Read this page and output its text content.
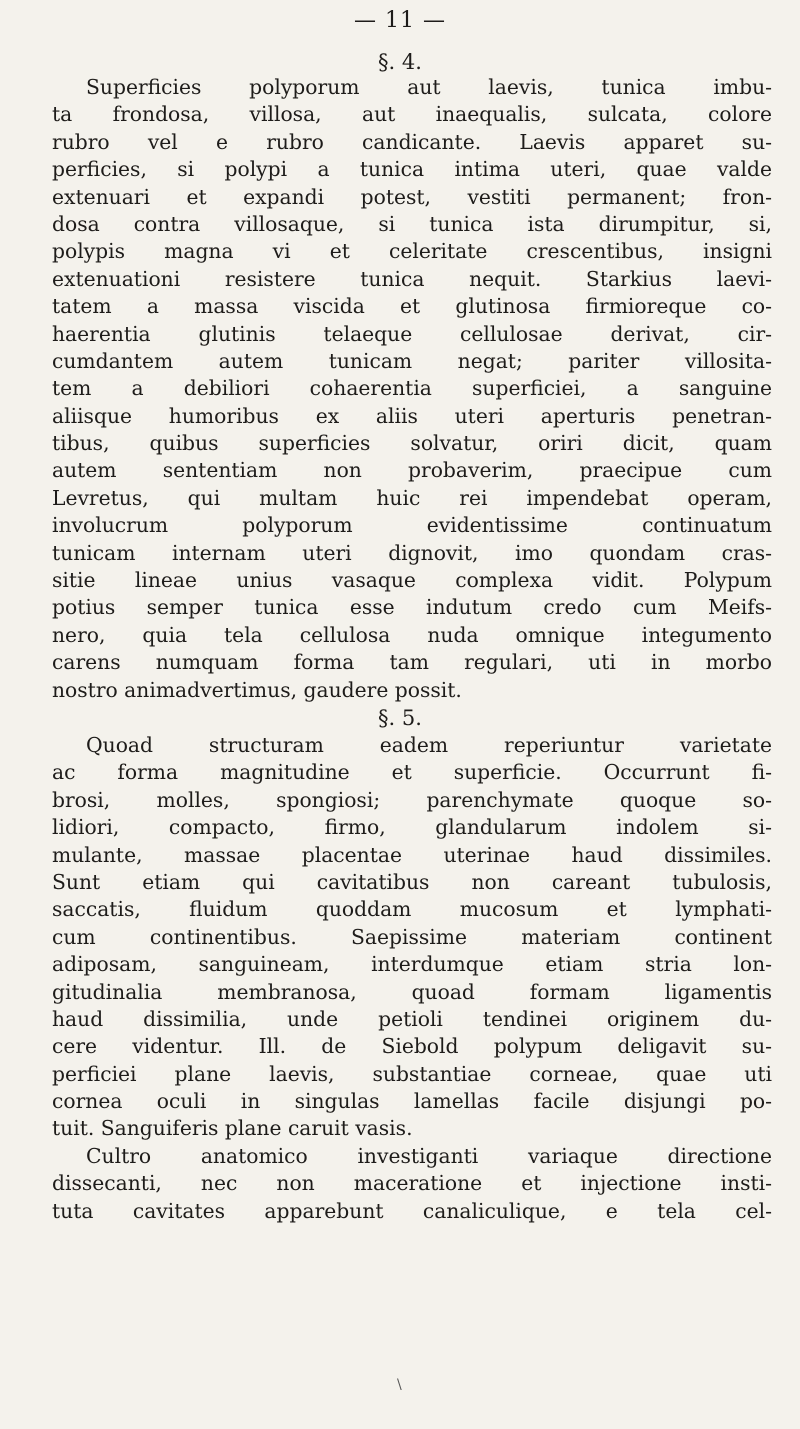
— 11 —
§. 4.
Superficies polyporum aut laevis, tunica imbu-
ta frondosa, villosa, aut inaequalis, sulcata, colore
rubro vel e rubro candicante. Laevis apparet su-
perficies, si polypi a tunica intima uteri, quae valde
extenuari et expandi potest, vestiti permanent; fron-
dosa contra villosaque, si tunica ista dirumpitur, si,
polypis magna vi et celeritate crescentibus, insigni
extenuationi resistere tunica nequit. Starkius laevi-
tatem a massa viscida et glutinosa firmioreque co-
haerentia glutinis telaeque cellulosae derivat, cir-
cumdantem autem tunicam negat; pariter villosita-
tem a debiliori cohaerentia superficiei, a sanguine
aliisque humoribus ex aliis uteri aperturis penetran-
tibus, quibus superficies solvatur, oriri dicit, quam
autem sententiam non probaverim, praecipue cum
Levretus, qui multam huic rei impendebat operam,
involucrum polyporum evidentissime continuatum
tunicam internam uteri dignovit, imo quondam cras-
sitie lineae unius vasaque complexa vidit. Polypum
potius semper tunica esse indutum credo cum Meifs-
nero, quia tela cellulosa nuda omnique integumento
carens numquam forma tam regulari, uti in morbo
nostro animadvertimus, gaudere possit.
§. 5.
Quoad structuram eadem reperiuntur varietate
ac forma magnitudine et superficie. Occurrunt fi-
brosi, molles, spongiosi; parenchymate quoque so-
lidiori, compacto, firmo, glandularum indolem si-
mulante, massae placentae uterinae haud dissimiles.
Sunt etiam qui cavitatibus non careant tubulosis,
saccatis, fluidum quoddam mucosum et lymphati-
cum continentibus. Saepissime materiam continent
adiposam, sanguineam, interdumque etiam stria lon-
gitudinalia membranosa, quoad formam ligamentis
haud dissimilia, unde petioli tendinei originem du-
cere videntur. Ill. de Siebold polypum deligavit su-
perficiei plane laevis, substantiae corneae, quae uti
cornea oculi in singulas lamellas facile disjungi po-
tuit. Sanguiferis plane caruit vasis.
Cultro anatomico investiganti variaque directione
dissecanti, nec non maceratione et injectione insti-
tuta cavitates apparebunt canaliculique, e tela cel-
\
